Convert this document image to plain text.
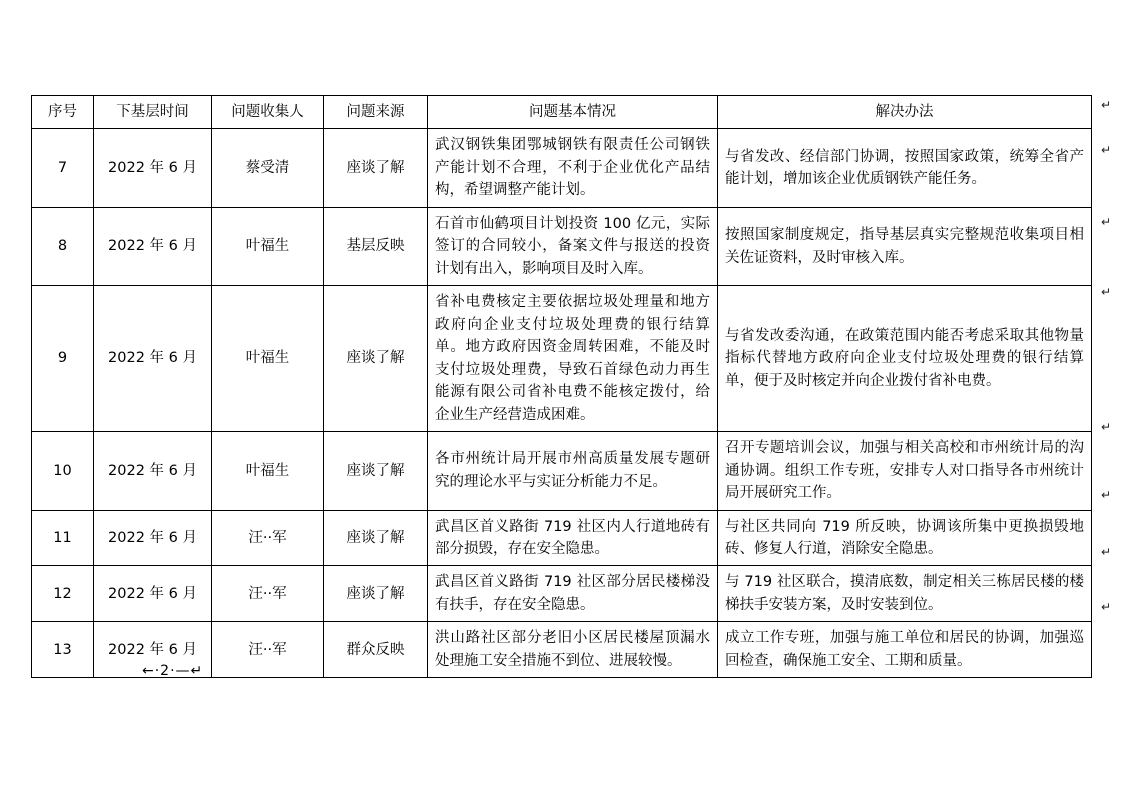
序号	下基层时间	问题收集人	问题来源	问题基本情况	解决办法
7	2022 年 6 月	蔡受清	座谈了解	武汉钢铁集团鄂城钢铁有限责任公司钢铁产能计划不合理，不利于企业优化产品结构，希望调整产能计划。	与省发改、经信部门协调，按照国家政策，统筹全省产能计划，增加该企业优质钢铁产能任务。
8	2022 年 6 月	叶福生	基层反映	石首市仙鹤项目计划投资 100 亿元，实际签订的合同较小，备案文件与报送的投资计划有出入，影响项目及时入库。	按照国家制度规定，指导基层真实完整规范收集项目相关佐证资料，及时审核入库。
9	2022 年 6 月	叶福生	座谈了解	省补电费核定主要依据垃圾处理量和地方政府向企业支付垃圾处理费的银行结算单。地方政府因资金周转困难，不能及时支付垃圾处理费，导致石首绿色动力再生能源有限公司省补电费不能核定拨付，给企业生产经营造成困难。	与省发改委沟通，在政策范围内能否考虑采取其他物量指标代替地方政府向企业支付垃圾处理费的银行结算单，便于及时核定并向企业拨付省补电费。
10	2022 年 6 月	叶福生	座谈了解	各市州统计局开展市州高质量发展专题研究的理论水平与实证分析能力不足。	召开专题培训会议，加强与相关高校和市州统计局的沟通协调。组织工作专班，安排专人对口指导各市州统计局开展研究工作。
11	2022 年 6 月	汪··军	座谈了解	武昌区首义路街 719 社区内人行道地砖有部分损毁，存在安全隐患。	与社区共同向 719 所反映，协调该所集中更换损毁地砖、修复人行道，消除安全隐患。
12	2022 年 6 月	汪··军	座谈了解	武昌区首义路街 719 社区部分居民楼梯没有扶手，存在安全隐患。	与 719 社区联合，摸清底数，制定相关三栋居民楼的楼梯扶手安装方案，及时安装到位。
13	2022 年 6 月	汪··军	群众反映	洪山路社区部分老旧小区居民楼屋顶漏水处理施工安全措施不到位、进展较慢。	成立工作专班，加强与施工单位和居民的协调，加强巡回检查，确保施工安全、工期和质量。
↵
↵
↵
↵
↵
↵
↵
↵
←·2·—↵
